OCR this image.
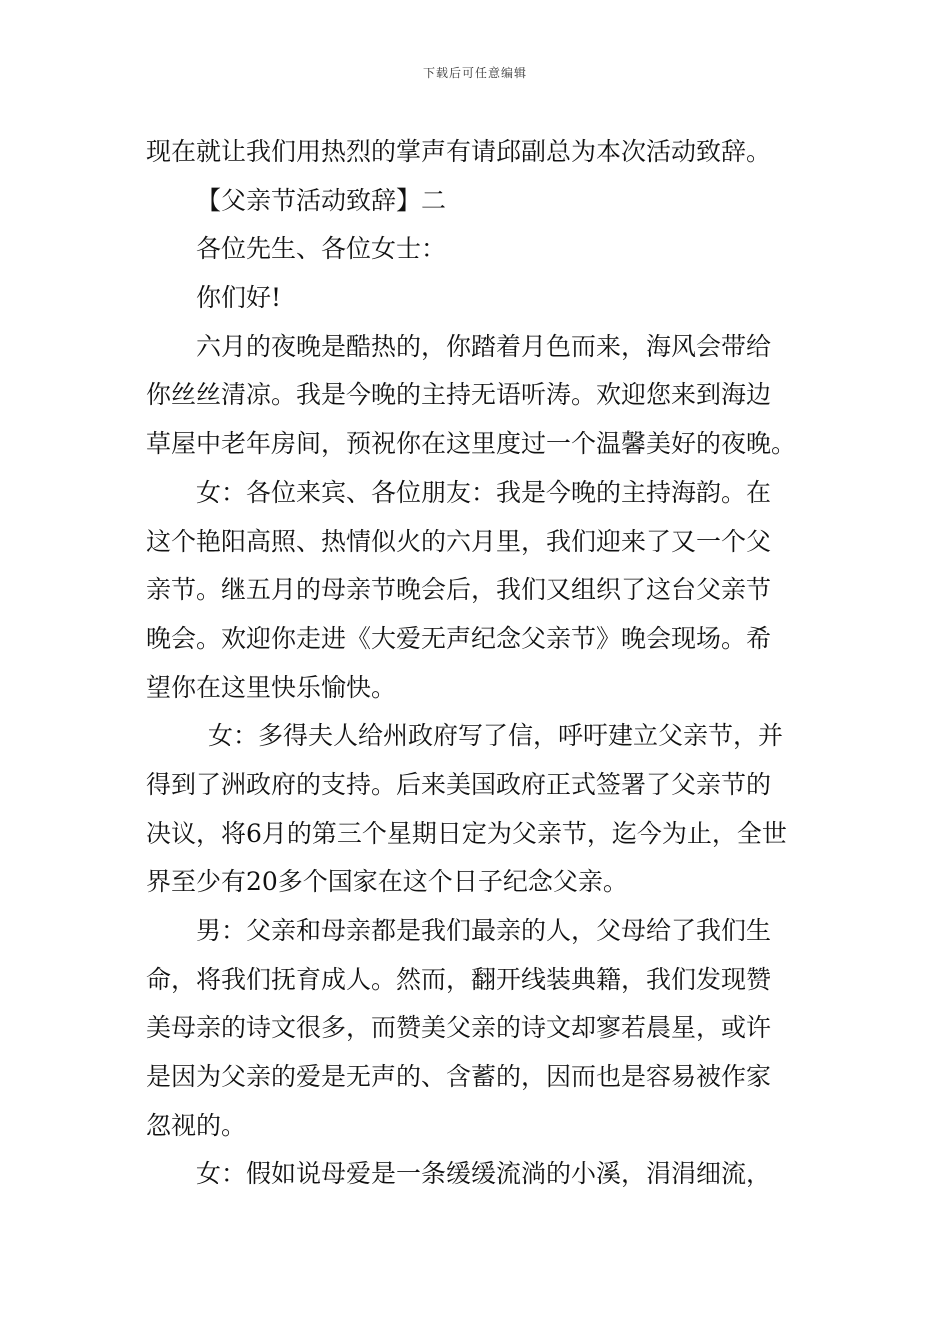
下载后可任意编辑
现在就让我们用热烈的掌声有请邱副总为本次活动致辞。
【父亲节活动致辞】二
各位先生、各位女士：
你们好!
六月的夜晚是酷热的，你踏着月色而来，海风会带给
你丝丝清凉。我是今晚的主持无语听涛。欢迎您来到海边
草屋中老年房间，预祝你在这里度过一个温馨美好的夜晚。
女：各位来宾、各位朋友：我是今晚的主持海韵。在
这个艳阳高照、热情似火的六月里，我们迎来了又一个父
亲节。继五月的母亲节晚会后，我们又组织了这台父亲节
晚会。欢迎你走进《大爱无声纪念父亲节》晚会现场。希
望你在这里快乐愉快。
女：多得夫人给州政府写了信，呼吁建立父亲节，并
得到了洲政府的支持。后来美国政府正式签署了父亲节的
决议，将6月的第三个星期日定为父亲节，迄今为止，全世
界至少有20多个国家在这个日子纪念父亲。
男：父亲和母亲都是我们最亲的人，父母给了我们生
命，将我们抚育成人。然而，翻开线装典籍，我们发现赞
美母亲的诗文很多，而赞美父亲的诗文却寥若晨星，或许
是因为父亲的爱是无声的、含蓄的，因而也是容易被作家
忽视的。
女：假如说母爱是一条缓缓流淌的小溪，涓涓细流，
